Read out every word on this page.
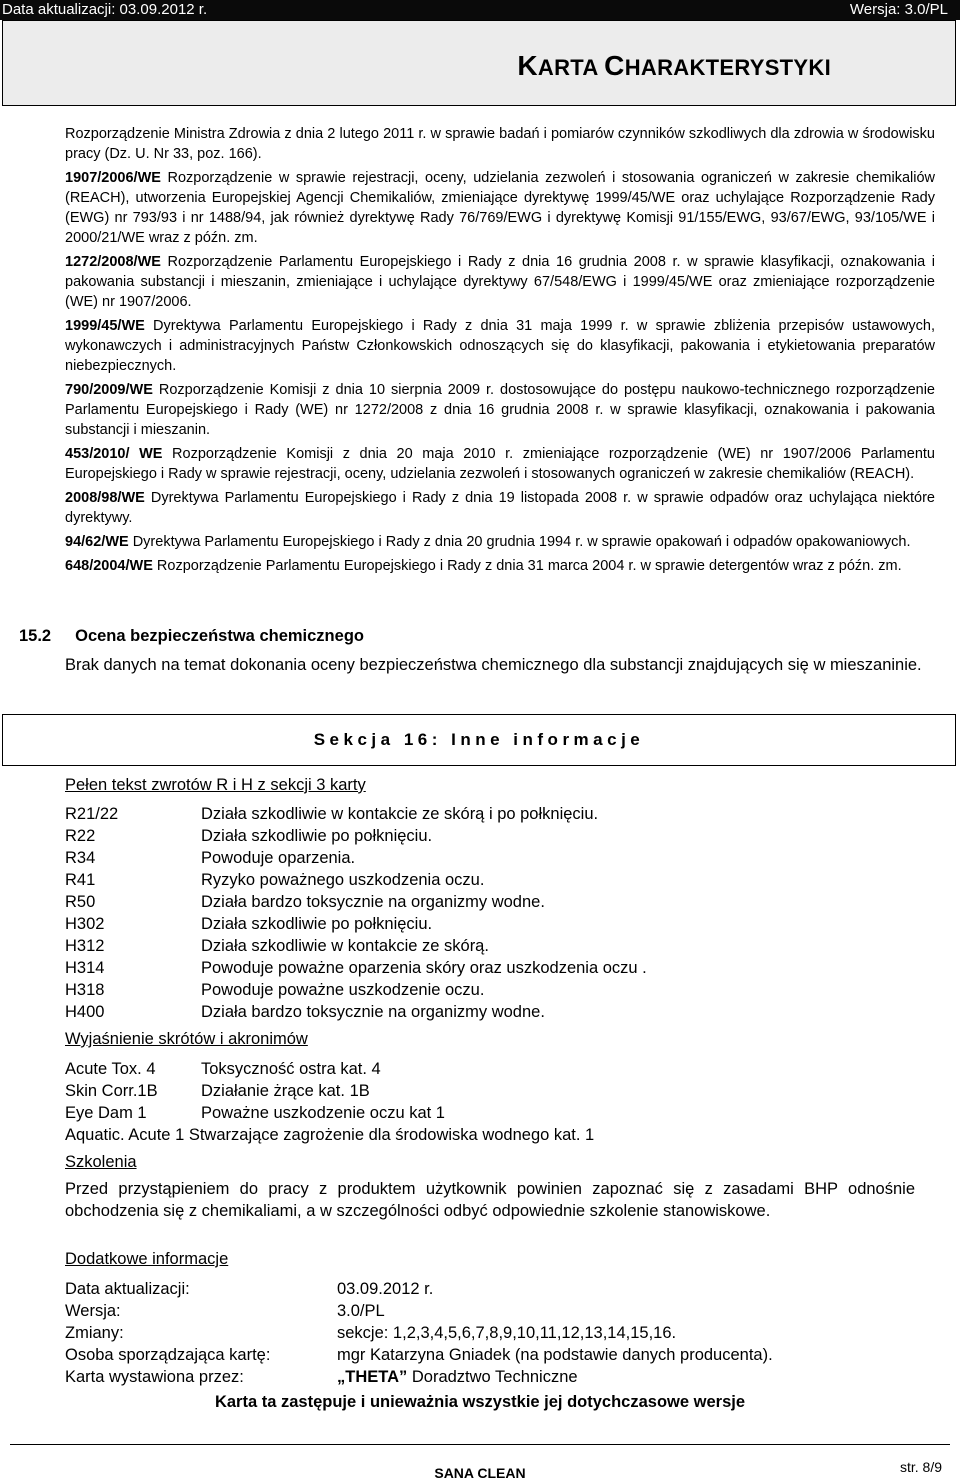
Data aktualizacji: 03.09.2012 r.	Wersja: 3.0/PL
KARTA CHARAKTERYSTYKI

Rozporządzenie Ministra Zdrowia z dnia 2 lutego 2011 r. w sprawie badań i pomiarów czynników szkodliwych dla zdrowia w środowisku pracy (Dz. U. Nr 33, poz. 166).

1907/2006/WE Rozporządzenie w sprawie rejestracji, oceny, udzielania zezwoleń i stosowania ograniczeń w zakresie chemikaliów (REACH), utworzenia Europejskiej Agencji Chemikaliów, zmieniające dyrektywę 1999/45/WE oraz uchylające Rozporządzenie Rady (EWG) nr 793/93 i nr 1488/94, jak również dyrektywę Rady 76/769/EWG i dyrektywę Komisji 91/155/EWG, 93/67/EWG, 93/105/WE i 2000/21/WE wraz z późn. zm.

1272/2008/WE Rozporządzenie Parlamentu Europejskiego i Rady z dnia 16 grudnia 2008 r. w sprawie klasyfikacji, oznakowania i pakowania substancji i mieszanin, zmieniające i uchylające dyrektywy 67/548/EWG i 1999/45/WE oraz zmieniające rozporządzenie (WE) nr 1907/2006.

1999/45/WE Dyrektywa Parlamentu Europejskiego i Rady z dnia 31 maja 1999 r. w sprawie zbliżenia przepisów ustawowych, wykonawczych i administracyjnych Państw Członkowskich odnoszących się do klasyfikacji, pakowania i etykietowania preparatów niebezpiecznych.

790/2009/WE Rozporządzenie Komisji z dnia 10 sierpnia 2009 r. dostosowujące do postępu naukowo-technicznego rozporządzenie Parlamentu Europejskiego i Rady (WE) nr 1272/2008 z dnia 16 grudnia 2008 r. w sprawie klasyfikacji, oznakowania i pakowania substancji i mieszanin.

453/2010/ WE Rozporządzenie Komisji z dnia 20 maja 2010 r. zmieniające rozporządzenie (WE) nr 1907/2006 Parlamentu Europejskiego i Rady w sprawie rejestracji, oceny, udzielania zezwoleń i stosowanych ograniczeń w zakresie chemikaliów (REACH).

2008/98/WE Dyrektywa Parlamentu Europejskiego i Rady z dnia 19 listopada 2008 r. w sprawie odpadów oraz uchylająca niektóre dyrektywy.

94/62/WE Dyrektywa Parlamentu Europejskiego i Rady z dnia 20 grudnia 1994 r. w sprawie opakowań i odpadów opakowaniowych.

648/2004/WE Rozporządzenie Parlamentu Europejskiego i Rady z dnia 31 marca 2004 r. w sprawie detergentów wraz z późn. zm.

15.2 Ocena bezpieczeństwa chemicznego
Brak danych na temat dokonania oceny bezpieczeństwa chemicznego dla substancji znajdujących się w mieszaninie.
Sekcja 16: Inne informacje
Pełen tekst zwrotów R i H z sekcji 3 karty
R21/22	Działa szkodliwie w kontakcie ze skórą i po połknięciu.
R22	Działa szkodliwie po połknięciu.
R34	Powoduje oparzenia.
R41	Ryzyko poważnego uszkodzenia oczu.
R50	Działa bardzo toksycznie na organizmy wodne.
H302	Działa szkodliwie po połknięciu.
H312	Działa szkodliwie w kontakcie ze skórą.
H314	Powoduje poważne oparzenia skóry oraz uszkodzenia oczu .
H318	Powoduje poważne uszkodzenie oczu.
H400	Działa bardzo toksycznie na organizmy wodne.
Wyjaśnienie skrótów i akronimów
Acute Tox. 4	Toksyczność ostra kat. 4
Skin Corr.1B	Działanie żrące kat. 1B
Eye Dam 1	Poważne uszkodzenie oczu kat 1
Aquatic. Acute 1 Stwarzające zagrożenie dla środowiska wodnego kat. 1
Szkolenia
Przed przystąpieniem do pracy z produktem użytkownik powinien zapoznać się z zasadami BHP odnośnie obchodzenia się z chemikaliami, a w szczególności odbyć odpowiednie szkolenie stanowiskowe.
Dodatkowe informacje
Data aktualizacji:	03.09.2012 r.
Wersja:	3.0/PL
Zmiany:	sekcje: 1,2,3,4,5,6,7,8,9,10,11,12,13,14,15,16.
Osoba sporządzająca kartę:	mgr Katarzyna Gniadek (na podstawie danych producenta).
Karta wystawiona przez:	„THETA” Doradztwo Techniczne
Karta ta zastępuje i unieważnia wszystkie jej dotychczasowe wersje
SANA CLEAN	str. 8/9
